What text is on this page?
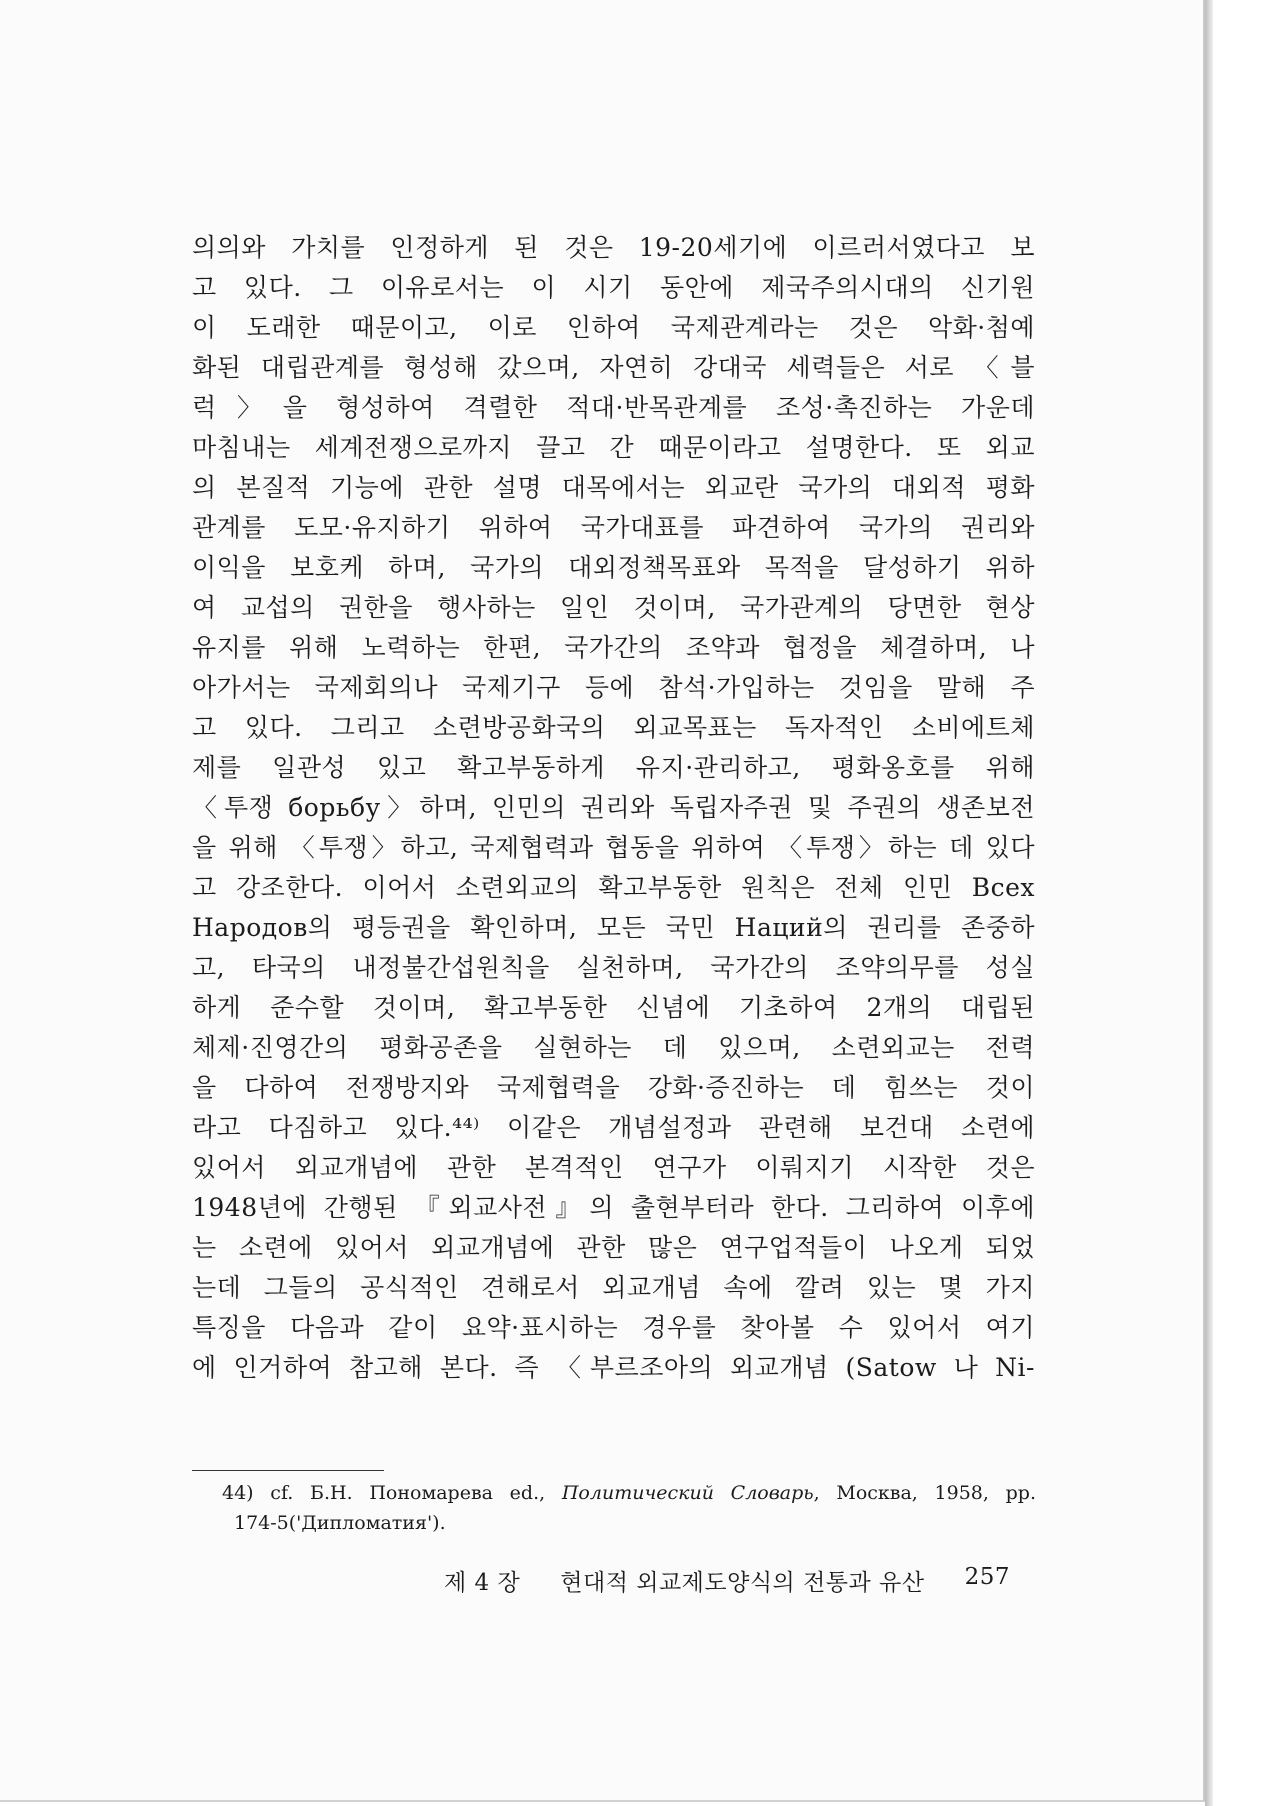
의의와 가치를 인정하게 된 것은 19-20세기에 이르러서였다고 보
고 있다. 그 이유로서는 이 시기 동안에 제국주의시대의 신기원
이 도래한 때문이고, 이로 인하여 국제관계라는 것은 악화·첨예
화된 대립관계를 형성해 갔으며, 자연히 강대국 세력들은 서로 〈블
럭〉을 형성하여 격렬한 적대·반목관계를 조성·촉진하는 가운데
마침내는 세계전쟁으로까지 끌고 간 때문이라고 설명한다. 또 외교
의 본질적 기능에 관한 설명 대목에서는 외교란 국가의 대외적 평화
관계를 도모·유지하기 위하여 국가대표를 파견하여 국가의 권리와
이익을 보호케 하며, 국가의 대외정책목표와 목적을 달성하기 위하
여 교섭의 권한을 행사하는 일인 것이며, 국가관계의 당면한 현상
유지를 위해 노력하는 한편, 국가간의 조약과 협정을 체결하며, 나
아가서는 국제회의나 국제기구 등에 참석·가입하는 것임을 말해 주
고 있다. 그리고 소련방공화국의 외교목표는 독자적인 소비에트체
제를 일관성 있고 확고부동하게 유지·관리하고, 평화옹호를 위해
〈투쟁 борьбу〉하며, 인민의 권리와 독립자주권 및 주권의 생존보전
을 위해 〈투쟁〉하고, 국제협력과 협동을 위하여 〈투쟁〉하는 데 있다
고 강조한다. 이어서 소련외교의 확고부동한 원칙은 전체 인민 Bcex
Народов의 평등권을 확인하며, 모든 국민 Наций의 권리를 존중하
고, 타국의 내정불간섭원칙을 실천하며, 국가간의 조약의무를 성실
하게 준수할 것이며, 확고부동한 신념에 기초하여 2개의 대립된
체제·진영간의 평화공존을 실현하는 데 있으며, 소련외교는 전력
을 다하여 전쟁방지와 국제협력을 강화·증진하는 데 힘쓰는 것이
라고 다짐하고 있다.⁴⁴⁾ 이같은 개념설정과 관련해 보건대 소련에
있어서 외교개념에 관한 본격적인 연구가 이뤄지기 시작한 것은
1948년에 간행된 『외교사전』의 출현부터라 한다. 그리하여 이후에
는 소련에 있어서 외교개념에 관한 많은 연구업적들이 나오게 되었
는데 그들의 공식적인 견해로서 외교개념 속에 깔려 있는 몇 가지
특징을 다음과 같이 요약·표시하는 경우를 찾아볼 수 있어서 여기
에 인거하여 참고해 본다. 즉 〈부르조아의 외교개념 (Satow 나 Ni-
44) cf. Б.Н. Пономарева ed., Политический Словарь, Москва, 1958, pp.
174-5('Дипломатия').
제 4 장 현대적 외교제도양식의 전통과 유산 257
